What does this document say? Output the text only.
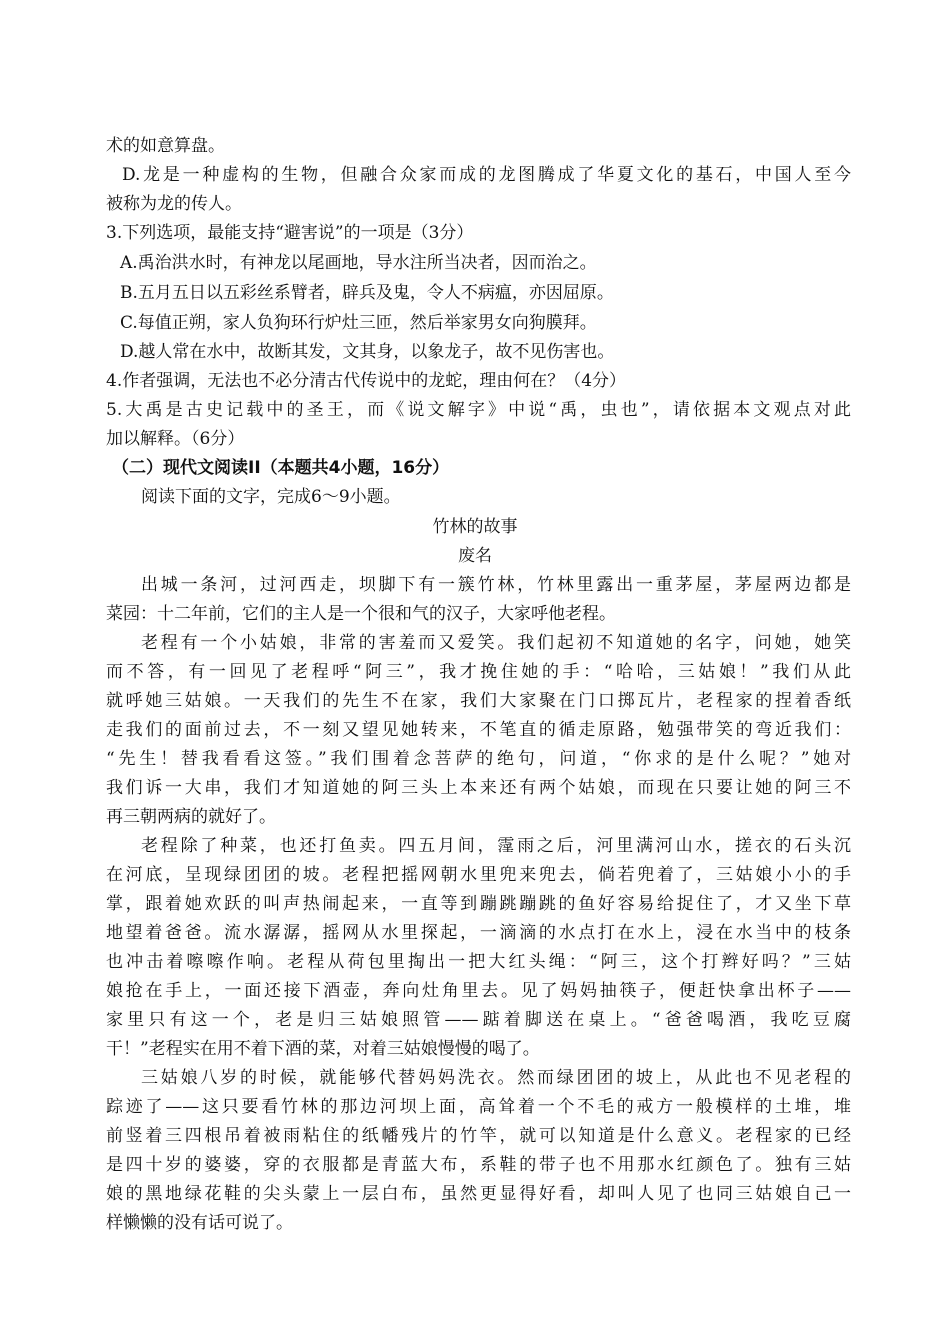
术的如意算盘。
D.龙是一种虚构的生物，但融合众家而成的龙图腾成了华夏文化的基石，中国人至今
被称为龙的传人。
3.下列选项，最能支持“避害说”的一项是（3分）
A.禹治洪水时，有神龙以尾画地，导水注所当决者，因而治之。
B.五月五日以五彩丝系臂者，辟兵及鬼，令人不病瘟，亦因屈原。
C.每值正朔，家人负狗环行炉灶三匝，然后举家男女向狗膜拜。
D.越人常在水中，故断其发，文其身，以象龙子，故不见伤害也。
4.作者强调，无法也不必分清古代传说中的龙蛇，理由何在？（4分）
5.大禹是古史记载中的圣王，而《说文解字》中说“禹，虫也”，请依据本文观点对此
加以解释。（6分）
（二）现代文阅读II（本题共4小题，16分）
阅读下面的文字，完成6～9小题。
竹林的故事
废名
出城一条河，过河西走，坝脚下有一簇竹林，竹林里露出一重茅屋，茅屋两边都是
菜园：十二年前，它们的主人是一个很和气的汉子，大家呼他老程。
老程有一个小姑娘，非常的害羞而又爱笑。我们起初不知道她的名字，问她，她笑
而不答，有一回见了老程呼“阿三”，我才挽住她的手：“哈哈，三姑娘！”我们从此
就呼她三姑娘。一天我们的先生不在家，我们大家聚在门口掷瓦片，老程家的捏着香纸
走我们的面前过去，不一刻又望见她转来，不笔直的循走原路，勉强带笑的弯近我们：
“先生！替我看看这签。”我们围着念菩萨的绝句，问道，“你求的是什么呢？”她对
我们诉一大串，我们才知道她的阿三头上本来还有两个姑娘，而现在只要让她的阿三不
再三朝两病的就好了。
老程除了种菜，也还打鱼卖。四五月间，霪雨之后，河里满河山水，搓衣的石头沉
在河底，呈现绿团团的坡。老程把摇网朝水里兜来兜去，倘若兜着了，三姑娘小小的手
掌，跟着她欢跃的叫声热闹起来，一直等到蹦跳蹦跳的鱼好容易给捉住了，才又坐下草
地望着爸爸。流水潺潺，摇网从水里探起，一滴滴的水点打在水上，浸在水当中的枝条
也冲击着嚓嚓作响。老程从荷包里掏出一把大红头绳：“阿三，这个打辫好吗？”三姑
娘抢在手上，一面还接下酒壶，奔向灶角里去。见了妈妈抽筷子，便赶快拿出杯子——
家里只有这一个，老是归三姑娘照管——踮着脚送在桌上。“爸爸喝酒，我吃豆腐
干！”老程实在用不着下酒的菜，对着三姑娘慢慢的喝了。
三姑娘八岁的时候，就能够代替妈妈洗衣。然而绿团团的坡上，从此也不见老程的
踪迹了——这只要看竹林的那边河坝上面，高耸着一个不毛的戒方一般模样的土堆，堆
前竖着三四根吊着被雨粘住的纸幡残片的竹竿，就可以知道是什么意义。老程家的已经
是四十岁的婆婆，穿的衣服都是青蓝大布，系鞋的带子也不用那水红颜色了。独有三姑
娘的黑地绿花鞋的尖头蒙上一层白布，虽然更显得好看，却叫人见了也同三姑娘自己一
样懒懒的没有话可说了。
